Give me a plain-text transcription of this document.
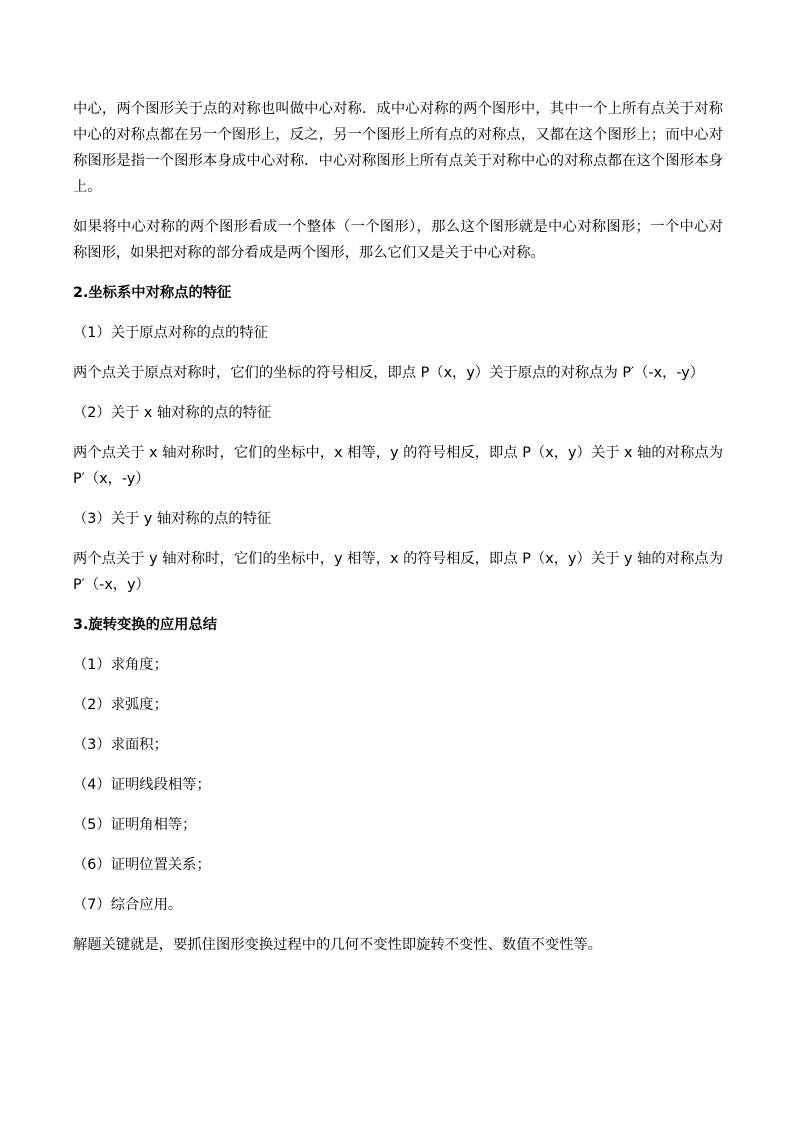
中心，两个图形关于点的对称也叫做中心对称．成中心对称的两个图形中，其中一个上所有点关于对称中心的对称点都在另一个图形上，反之，另一个图形上所有点的对称点，又都在这个图形上；而中心对称图形是指一个图形本身成中心对称．中心对称图形上所有点关于对称中心的对称点都在这个图形本身上。

如果将中心对称的两个图形看成一个整体（一个图形），那么这个图形就是中心对称图形；一个中心对称图形，如果把对称的部分看成是两个图形，那么它们又是关于中心对称。

2.坐标系中对称点的特征

（1）关于原点对称的点的特征

两个点关于原点对称时，它们的坐标的符号相反，即点 P（x，y）关于原点的对称点为 P′（-x，-y）

（2）关于 x 轴对称的点的特征

两个点关于 x 轴对称时，它们的坐标中，x 相等，y 的符号相反，即点 P（x，y）关于 x 轴的对称点为 P′（x，-y）

（3）关于 y 轴对称的点的特征

两个点关于 y 轴对称时，它们的坐标中，y 相等，x 的符号相反，即点 P（x，y）关于 y 轴的对称点为 P′（-x，y）

3.旋转变换的应用总结

（1）求角度；

（2）求弧度；

（3）求面积；

（4）证明线段相等；

（5）证明角相等；

（6）证明位置关系；

（7）综合应用。

解题关键就是，要抓住图形变换过程中的几何不变性即旋转不变性、数值不变性等。
